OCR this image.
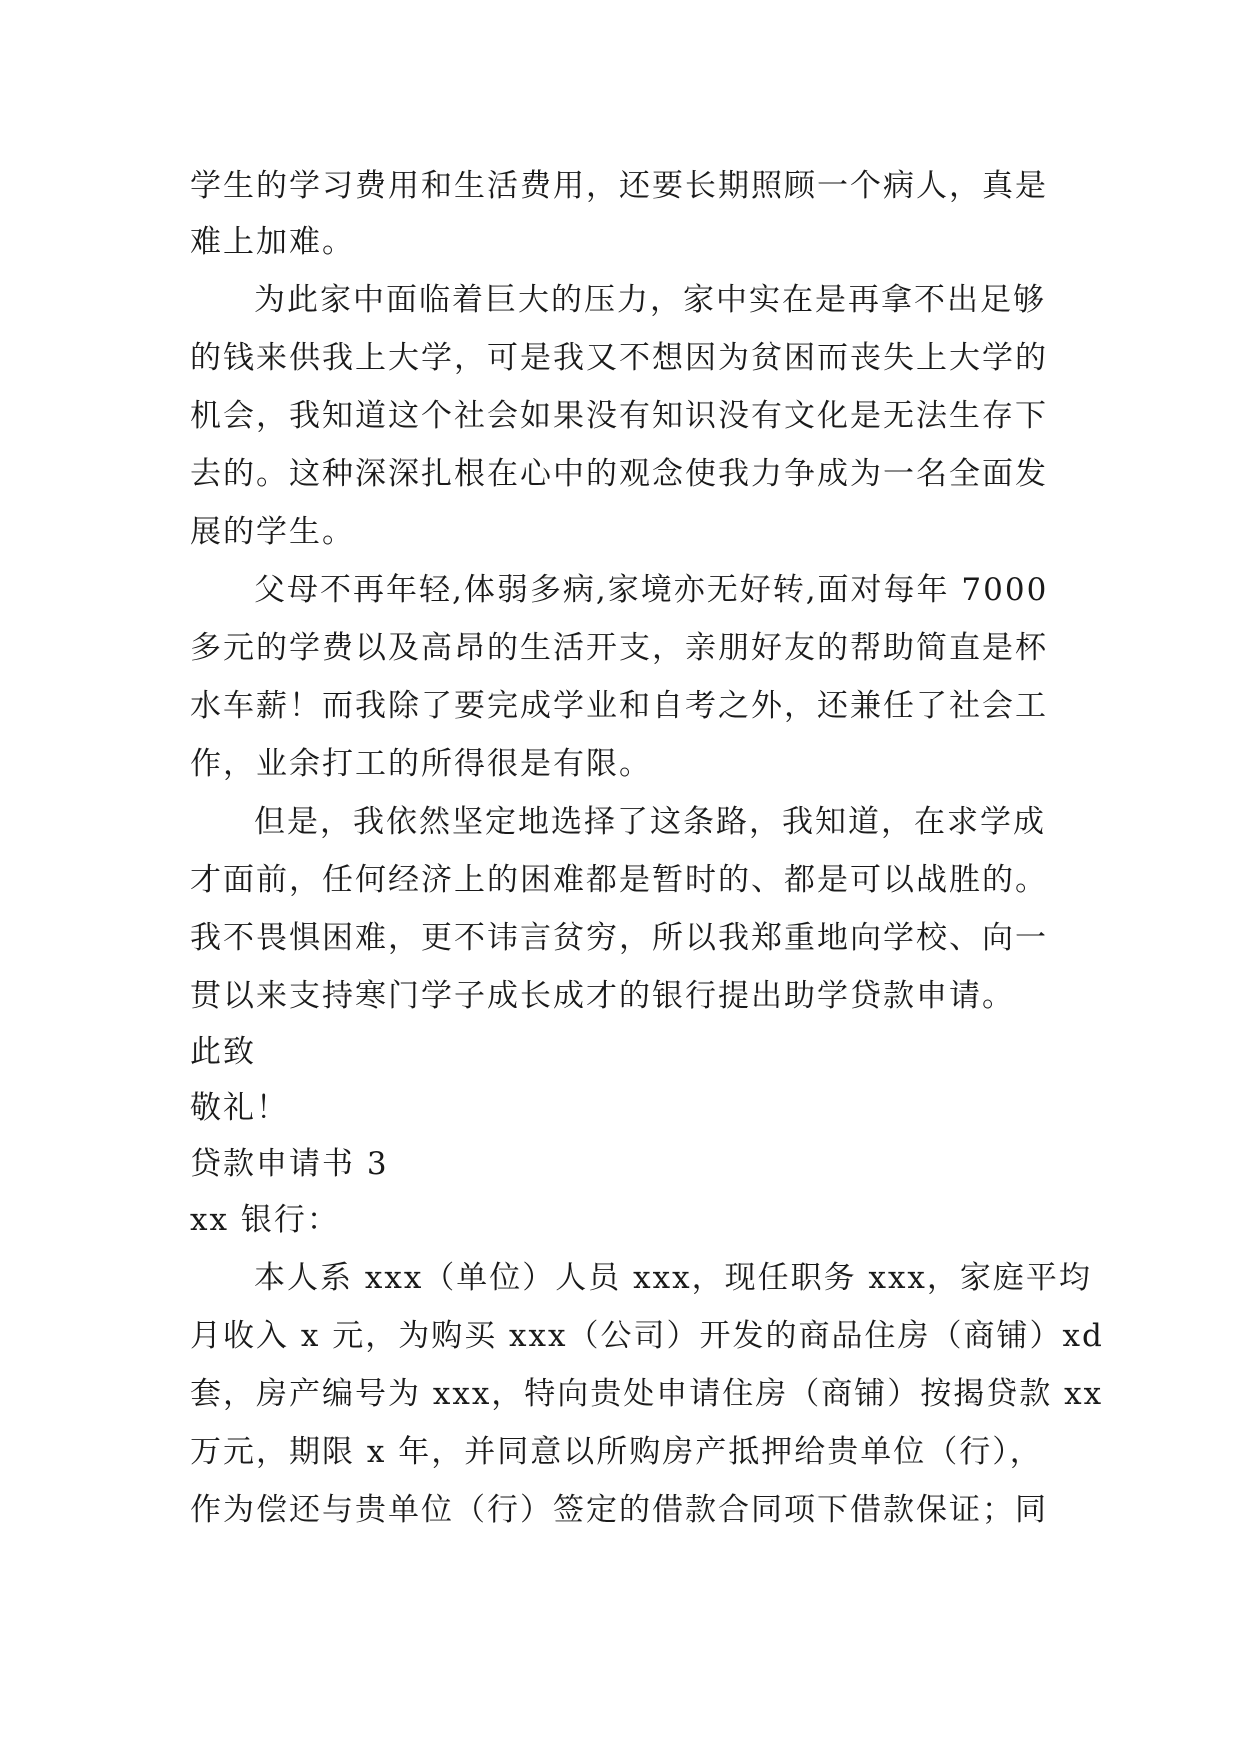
学生的学习费用和生活费用，还要长期照顾一个病人，真是
难上加难。
为此家中面临着巨大的压力，家中实在是再拿不出足够
的钱来供我上大学，可是我又不想因为贫困而丧失上大学的
机会，我知道这个社会如果没有知识没有文化是无法生存下
去的。这种深深扎根在心中的观念使我力争成为一名全面发
展的学生。
父母不再年轻,体弱多病,家境亦无好转,面对每年 7000
多元的学费以及高昂的生活开支，亲朋好友的帮助简直是杯
水车薪！而我除了要完成学业和自考之外，还兼任了社会工
作，业余打工的所得很是有限。
但是，我依然坚定地选择了这条路，我知道，在求学成
才面前，任何经济上的困难都是暂时的、都是可以战胜的。
我不畏惧困难，更不讳言贫穷，所以我郑重地向学校、向一
贯以来支持寒门学子成长成才的银行提出助学贷款申请。
此致
敬礼！
贷款申请书 3
xx 银行：
本人系 xxx（单位）人员 xxx，现任职务 xxx，家庭平均
月收入 x 元，为购买 xxx（公司）开发的商品住房（商铺）xd
套，房产编号为 xxx，特向贵处申请住房（商铺）按揭贷款 xx
万元，期限 x 年，并同意以所购房产抵押给贵单位（行），
作为偿还与贵单位（行）签定的借款合同项下借款保证；同
